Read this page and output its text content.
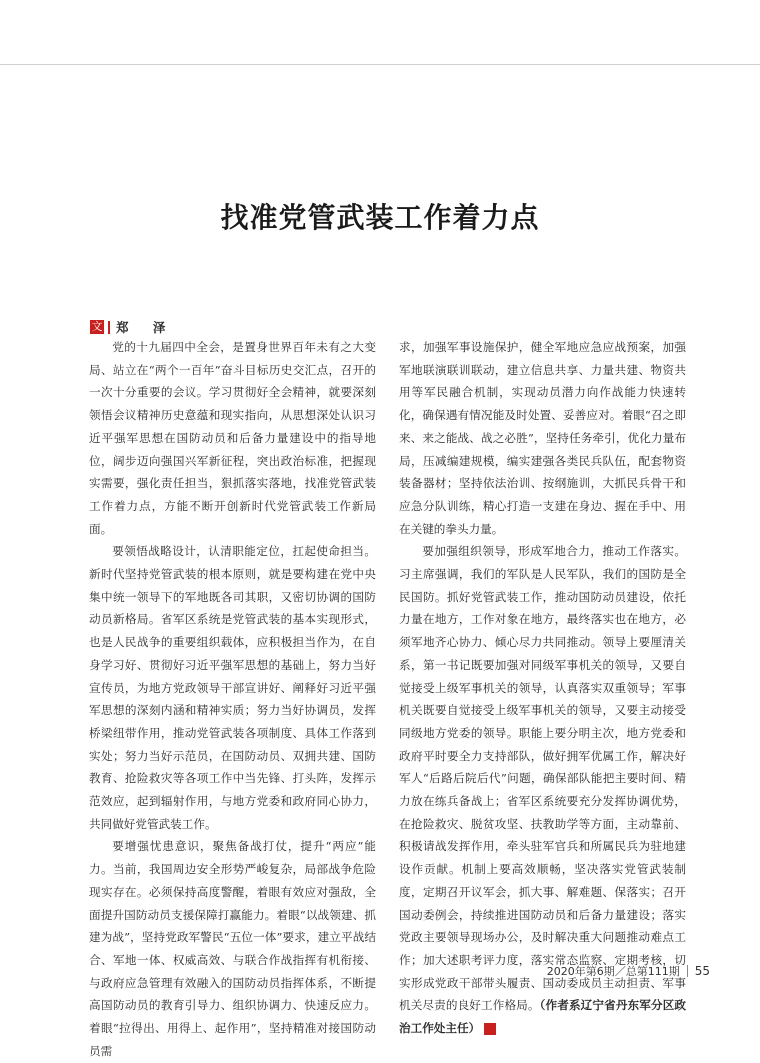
找准党管武装工作着力点
文 郑 泽

党的十九届四中全会，是置身世界百年未有之大变局、站立在“两个一百年”奋斗目标历史交汇点，召开的一次十分重要的会议。学习贯彻好全会精神，就要深刻领悟会议精神历史意蕴和现实指向，从思想深处认识习近平强军思想在国防动员和后备力量建设中的指导地位，阔步迈向强国兴军新征程，突出政治标准，把握现实需要，强化责任担当，狠抓落实落地，找准党管武装工作着力点，方能不断开创新时代党管武装工作新局面。

要领悟战略设计，认清职能定位，扛起使命担当。新时代坚持党管武装的根本原则，就是要构建在党中央集中统一领导下的军地既各司其职，又密切协调的国防动员新格局。省军区系统是党管武装的基本实现形式，也是人民战争的重要组织载体，应积极担当作为，在自身学习好、贯彻好习近平强军思想的基础上，努力当好宣传员，为地方党政领导干部宣讲好、阐释好习近平强军思想的深刻内涵和精神实质；努力当好协调员，发挥桥梁纽带作用，推动党管武装各项制度、具体工作落到实处；努力当好示范员，在国防动员、双拥共建、国防教育、抢险救灾等各项工作中当先锋、打头阵，发挥示范效应，起到辐射作用，与地方党委和政府同心协力，共同做好党管武装工作。

要增强忧患意识，聚焦备战打仗，提升“两应”能力。当前，我国周边安全形势严峻复杂，局部战争危险现实存在。必须保持高度警醒，着眼有效应对强敌，全面提升国防动员支援保障打赢能力。着眼“以战领建、抓建为战”，坚持党政军警民“五位一体”要求，建立平战结合、军地一体、权威高效、与联合作战指挥有机衔接、与政府应急管理有效融入的国防动员指挥体系，不断提高国防动员的教育引导力、组织协调力、快速反应力。着眼“拉得出、用得上、起作用”，坚持精准对接国防动员需

求，加强军事设施保护，健全军地应急应战预案，加强军地联演联训联动，建立信息共享、力量共建、物资共用等军民融合机制，实现动员潜力向作战能力快速转化，确保遇有情况能及时处置、妥善应对。着眼“召之即来、来之能战、战之必胜”，坚持任务牵引，优化力量布局，压减编建规模，编实建强各类民兵队伍，配套物资装备器材；坚持依法治训、按纲施训，大抓民兵骨干和应急分队训练，精心打造一支建在身边、握在手中、用在关键的拳头力量。

要加强组织领导，形成军地合力，推动工作落实。习主席强调，我们的军队是人民军队，我们的国防是全民国防。抓好党管武装工作，推动国防动员建设，依托力量在地方，工作对象在地方，最终落实也在地方，必须军地齐心协力、倾心尽力共同推动。领导上要厘清关系，第一书记既要加强对同级军事机关的领导，又要自觉接受上级军事机关的领导，认真落实双重领导；军事机关既要自觉接受上级军事机关的领导，又要主动接受同级地方党委的领导。职能上要分明主次，地方党委和政府平时要全力支持部队，做好拥军优属工作，解决好军人“后路后院后代”问题，确保部队能把主要时间、精力放在练兵备战上；省军区系统要充分发挥协调优势，在抢险救灾、脱贫攻坚、扶教助学等方面，主动靠前、积极请战发挥作用，牵头驻军官兵和所属民兵为驻地建设作贡献。机制上要高效顺畅，坚决落实党管武装制度，定期召开议军会，抓大事、解难题、保落实；召开国动委例会，持续推进国防动员和后备力量建设；落实党政主要领导现场办公，及时解决重大问题推动难点工作；加大述职考评力度，落实常态监察、定期考核，切实形成党政干部带头履责、国动委成员主动担责、军事机关尽责的良好工作格局。（作者系辽宁省丹东军分区政治工作处主任）	G

2020年第6期／总第111期 55
